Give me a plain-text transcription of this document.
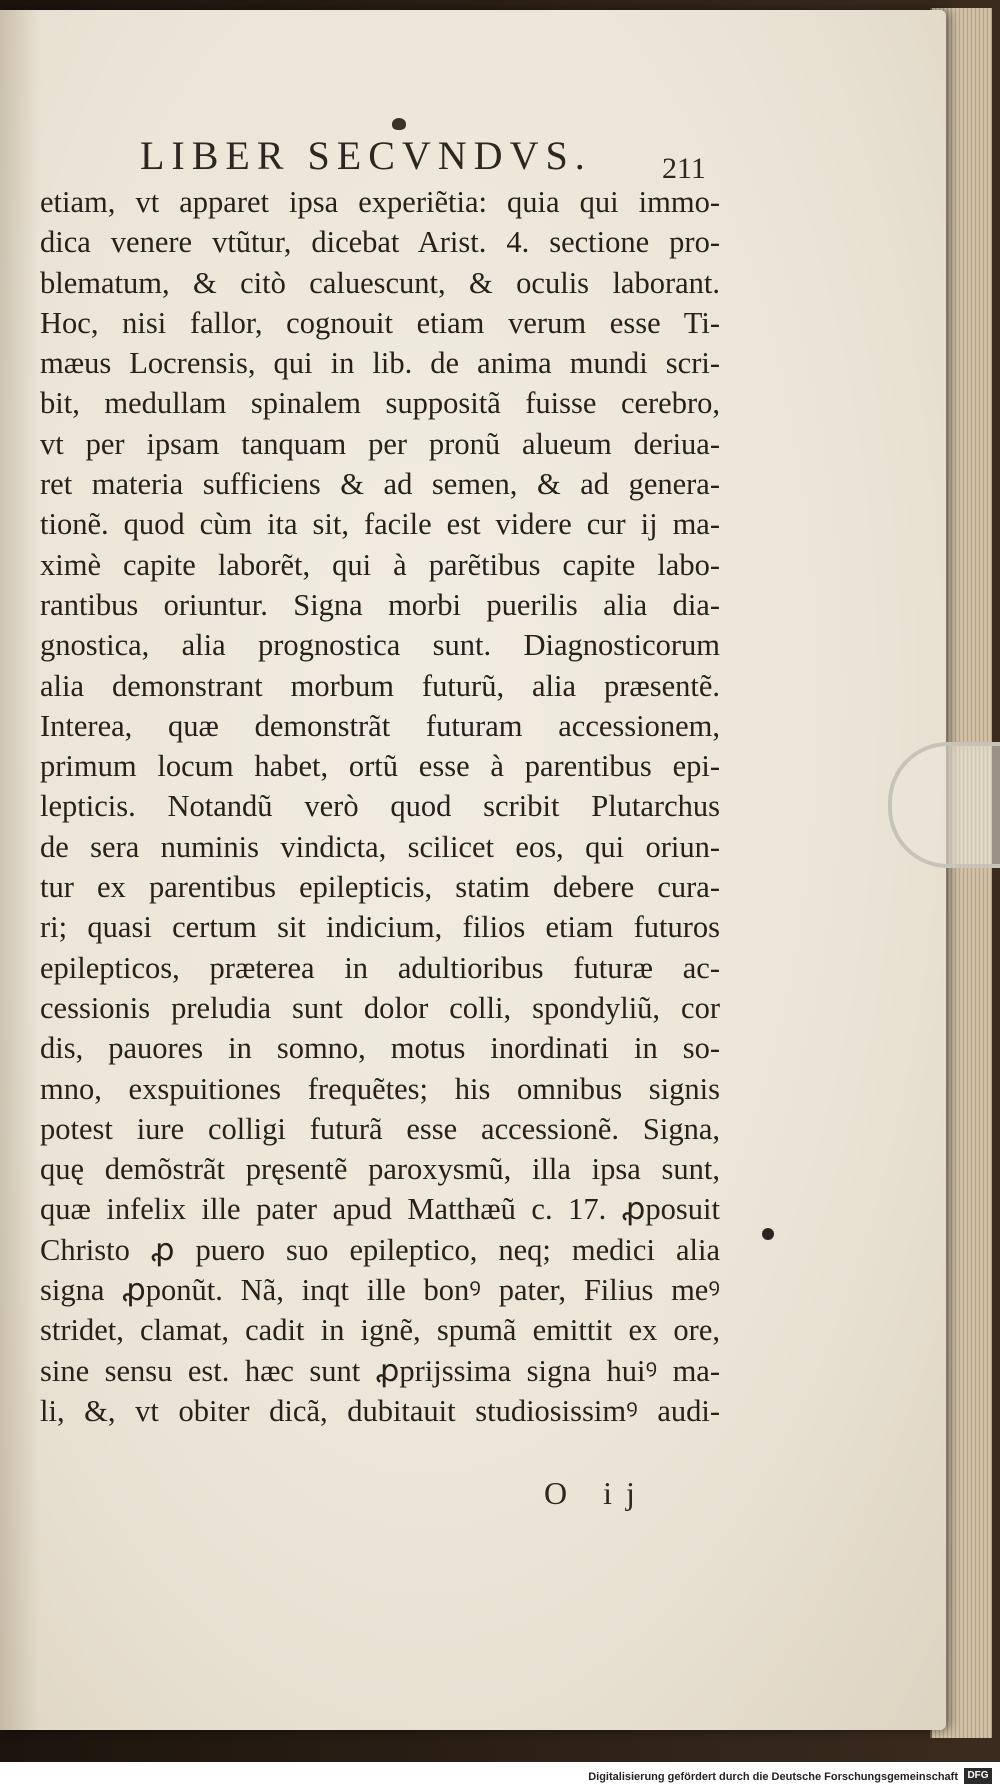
LIBER SECVNDVS. 211
etiam, vt apparet ipsa experiẽtia: quia qui immo-
dica venere vtũtur, dicebat Arist. 4. sectione pro-
blematum, & citò caluescunt, & oculis laborant.
Hoc, nisi fallor, cognouit etiam verum esse Ti-
mæus Locrensis, qui in lib. de anima mundi scri-
bit, medullam spinalem suppositã fuisse cerebro,
vt per ipsam tanquam per pronũ alueum deriua-
ret materia sufficiens & ad semen, & ad genera-
tionẽ. quod cùm ita sit, facile est videre cur ij ma-
ximè capite laborẽt, qui à parẽtibus capite labo-
rantibus oriuntur. Signa morbi puerilis alia dia-
gnostica, alia prognostica sunt. Diagnosticorum
alia demonstrant morbum futurũ, alia præsentẽ.
Interea, quæ demonstrãt futuram accessionem,
primum locum habet, ortũ esse à parentibus epi-
lepticis. Notandũ verò quod scribit Plutarchus
de sera numinis vindicta, scilicet eos, qui oriun-
tur ex parentibus epilepticis, statim debere cura-
ri; quasi certum sit indicium, filios etiam futuros
epilepticos, præterea in adultioribus futuræ ac-
cessionis preludia sunt dolor colli, spondyliũ, cor
dis, pauores in somno, motus inordinati in so-
mno, exspuitiones frequẽtes; his omnibus signis
potest iure colligi futurã esse accessionẽ. Signa,
quę demõstrãt pręsentẽ paroxysmũ, illa ipsa sunt,
quæ infelix ille pater apud Matthæũ c. 17. ꝓposuit
Christo ꝓ puero suo epileptico, neq; medici alia
signa ꝓponũt. Nã, inqt ille bonꝰ pater, Filius meꝰ
stridet, clamat, cadit in ignẽ, spumã emittit ex ore,
sine sensu est. hæc sunt ꝓprijssima signa huiꝰ ma-
li, &, vt obiter dicã, dubitauit studiosissimꝰ audi-
O ij
Digitalisierung gefördert durch die Deutsche Forschungsgemeinschaft DFG
